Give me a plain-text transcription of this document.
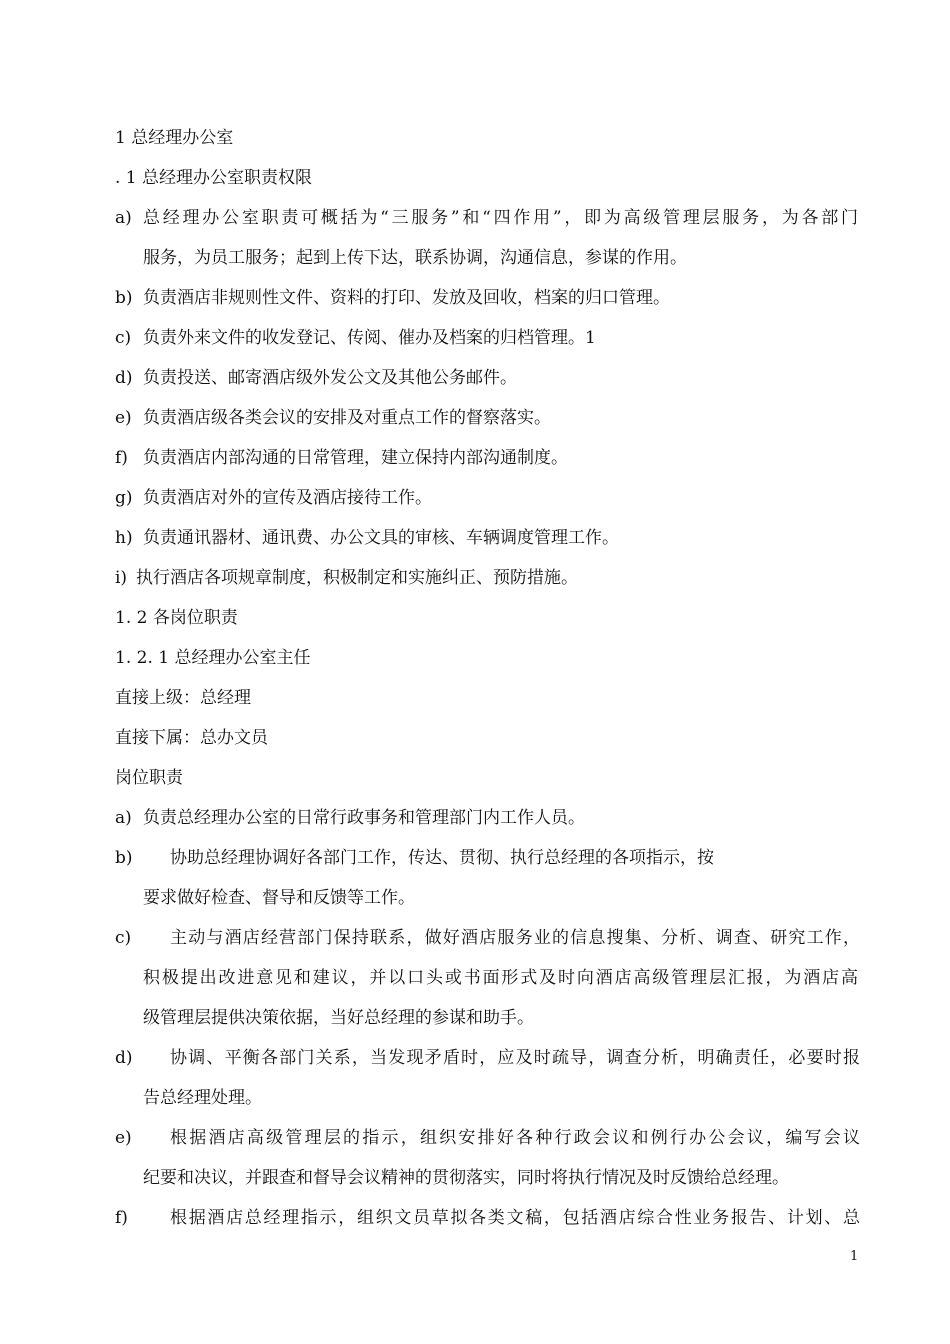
1 总经理办公室
. 1 总经理办公室职责权限
a) 总经理办公室职责可概括为“三服务”和“四作用”，即为高级管理层服务，为各部门
服务，为员工服务；起到上传下达，联系协调，沟通信息，参谋的作用。
b) 负责酒店非规则性文件、资料的打印、发放及回收，档案的归口管理。
c) 负责外来文件的收发登记、传阅、催办及档案的归档管理。1
d) 负责投送、邮寄酒店级外发公文及其他公务邮件。
e) 负责酒店级各类会议的安排及对重点工作的督察落实。
f) 负责酒店内部沟通的日常管理，建立保持内部沟通制度。
g) 负责酒店对外的宣传及酒店接待工作。
h) 负责通讯器材、通讯费、办公文具的审核、车辆调度管理工作。
i) 执行酒店各项规章制度，积极制定和实施纠正、预防措施。
1. 2 各岗位职责
1. 2. 1 总经理办公室主任
直接上级：总经理
直接下属：总办文员
岗位职责
a) 负责总经理办公室的日常行政事务和管理部门内工作人员。
b) 协助总经理协调好各部门工作，传达、贯彻、执行总经理的各项指示，按
要求做好检查、督导和反馈等工作。
c) 主动与酒店经营部门保持联系，做好酒店服务业的信息搜集、分析、调查、研究工作，
积极提出改进意见和建议，并以口头或书面形式及时向酒店高级管理层汇报，为酒店高
级管理层提供决策依据，当好总经理的参谋和助手。
d) 协调、平衡各部门关系，当发现矛盾时，应及时疏导，调查分析，明确责任，必要时报
告总经理处理。
e) 根据酒店高级管理层的指示，组织安排好各种行政会议和例行办公会议，编写会议
纪要和决议，并跟查和督导会议精神的贯彻落实，同时将执行情况及时反馈给总经理。
f) 根据酒店总经理指示，组织文员草拟各类文稿，包括酒店综合性业务报告、计划、总
1
